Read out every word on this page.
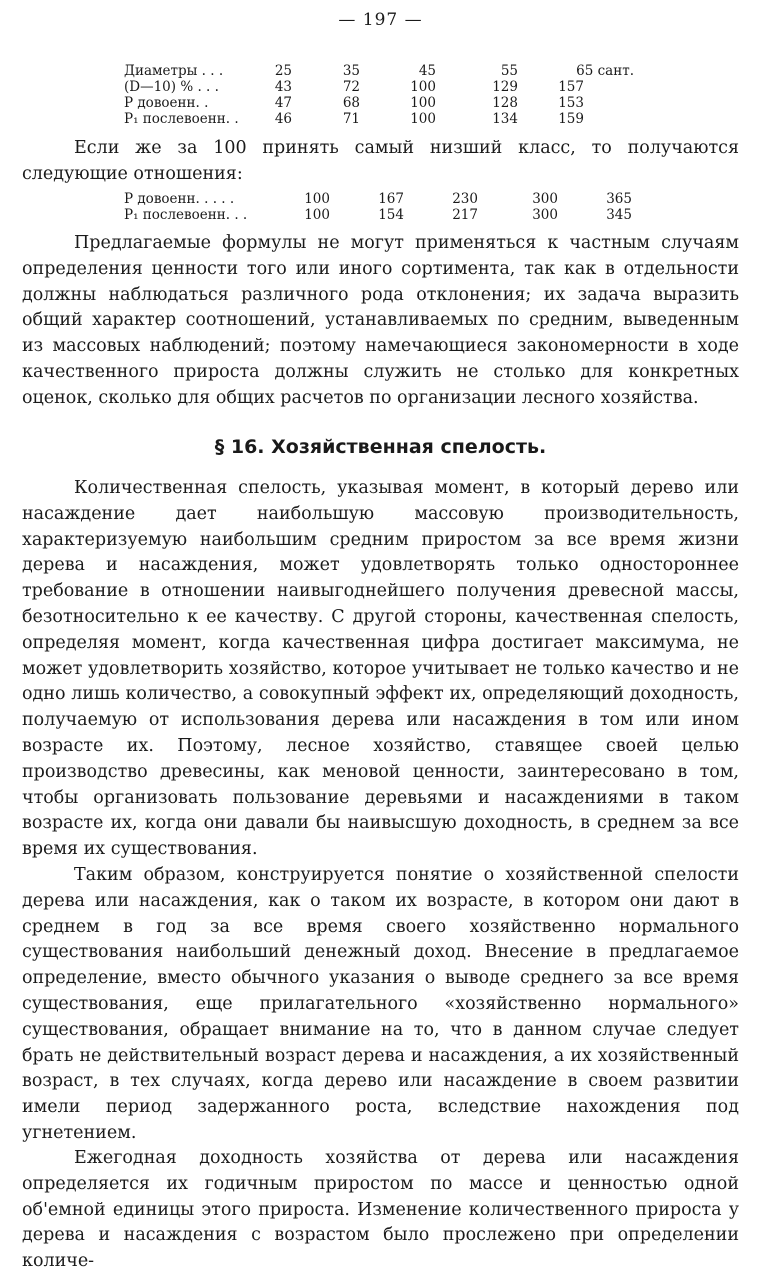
— 197 —
Диаметры . . .	25	35	45	55	65 сант.
(D—10) % . . .	43	72	100	129	157
P довоенн. .	47	68	100	128	153
P₁ послевоенн. .	46	71	100	134	159
Если же за 100 принять самый низший класс, то получаются следующие отношения:
P довоенн. . . . .	100	167	230	300	365
P₁ послевоенн. . .	100	154	217	300	345
Предлагаемые формулы не могут применяться к частным случаям определения ценности того или иного сортимента, так как в отдельности должны наблюдаться различного рода отклонения; их задача выразить общий характер соотношений, устанавливаемых по средним, выведенным из массовых наблюдений; поэтому намечающиеся закономерности в ходе качественного прироста должны служить не столько для конкретных оценок, сколько для общих расчетов по организации лесного хозяйства.
§ 16. Хозяйственная спелость.
Количественная спелость, указывая момент, в который дерево или насаждение дает наибольшую массовую производительность, характеризуемую наибольшим средним приростом за все время жизни дерева и насаждения, может удовлетворять только одностороннее требование в отношении наивыгоднейшего получения древесной массы, безотносительно к ее качеству. С другой стороны, качественная спелость, определяя момент, когда качественная цифра достигает максимума, не может удовлетворить хозяйство, которое учитывает не только качество и не одно лишь количество, а совокупный эффект их, определяющий доходность, получаемую от использования дерева или насаждения в том или ином возрасте их. Поэтому, лесное хозяйство, ставящее своей целью производство древесины, как меновой ценности, заинтересовано в том, чтобы организовать пользование деревьями и насаждениями в таком возрасте их, когда они давали бы наивысшую доходность, в среднем за все время их существования.
Таким образом, конструируется понятие о хозяйственной спелости дерева или насаждения, как о таком их возрасте, в котором они дают в среднем в год за все время своего хозяйственно нормального существования наибольший денежный доход. Внесение в предлагаемое определение, вместо обычного указания о выводе среднего за все время существования, еще прилагательного «хозяйственно нормального» существования, обращает внимание на то, что в данном случае следует брать не действительный возраст дерева и насаждения, а их хозяйственный возраст, в тех случаях, когда дерево или насаждение в своем развитии имели период задержанного роста, вследствие нахождения под угнетением.
Ежегодная доходность хозяйства от дерева или насаждения определяется их годичным приростом по массе и ценностью одной об'емной единицы этого прироста. Изменение количественного прироста у дерева и насаждения с возрастом было прослежено при определении количе-
